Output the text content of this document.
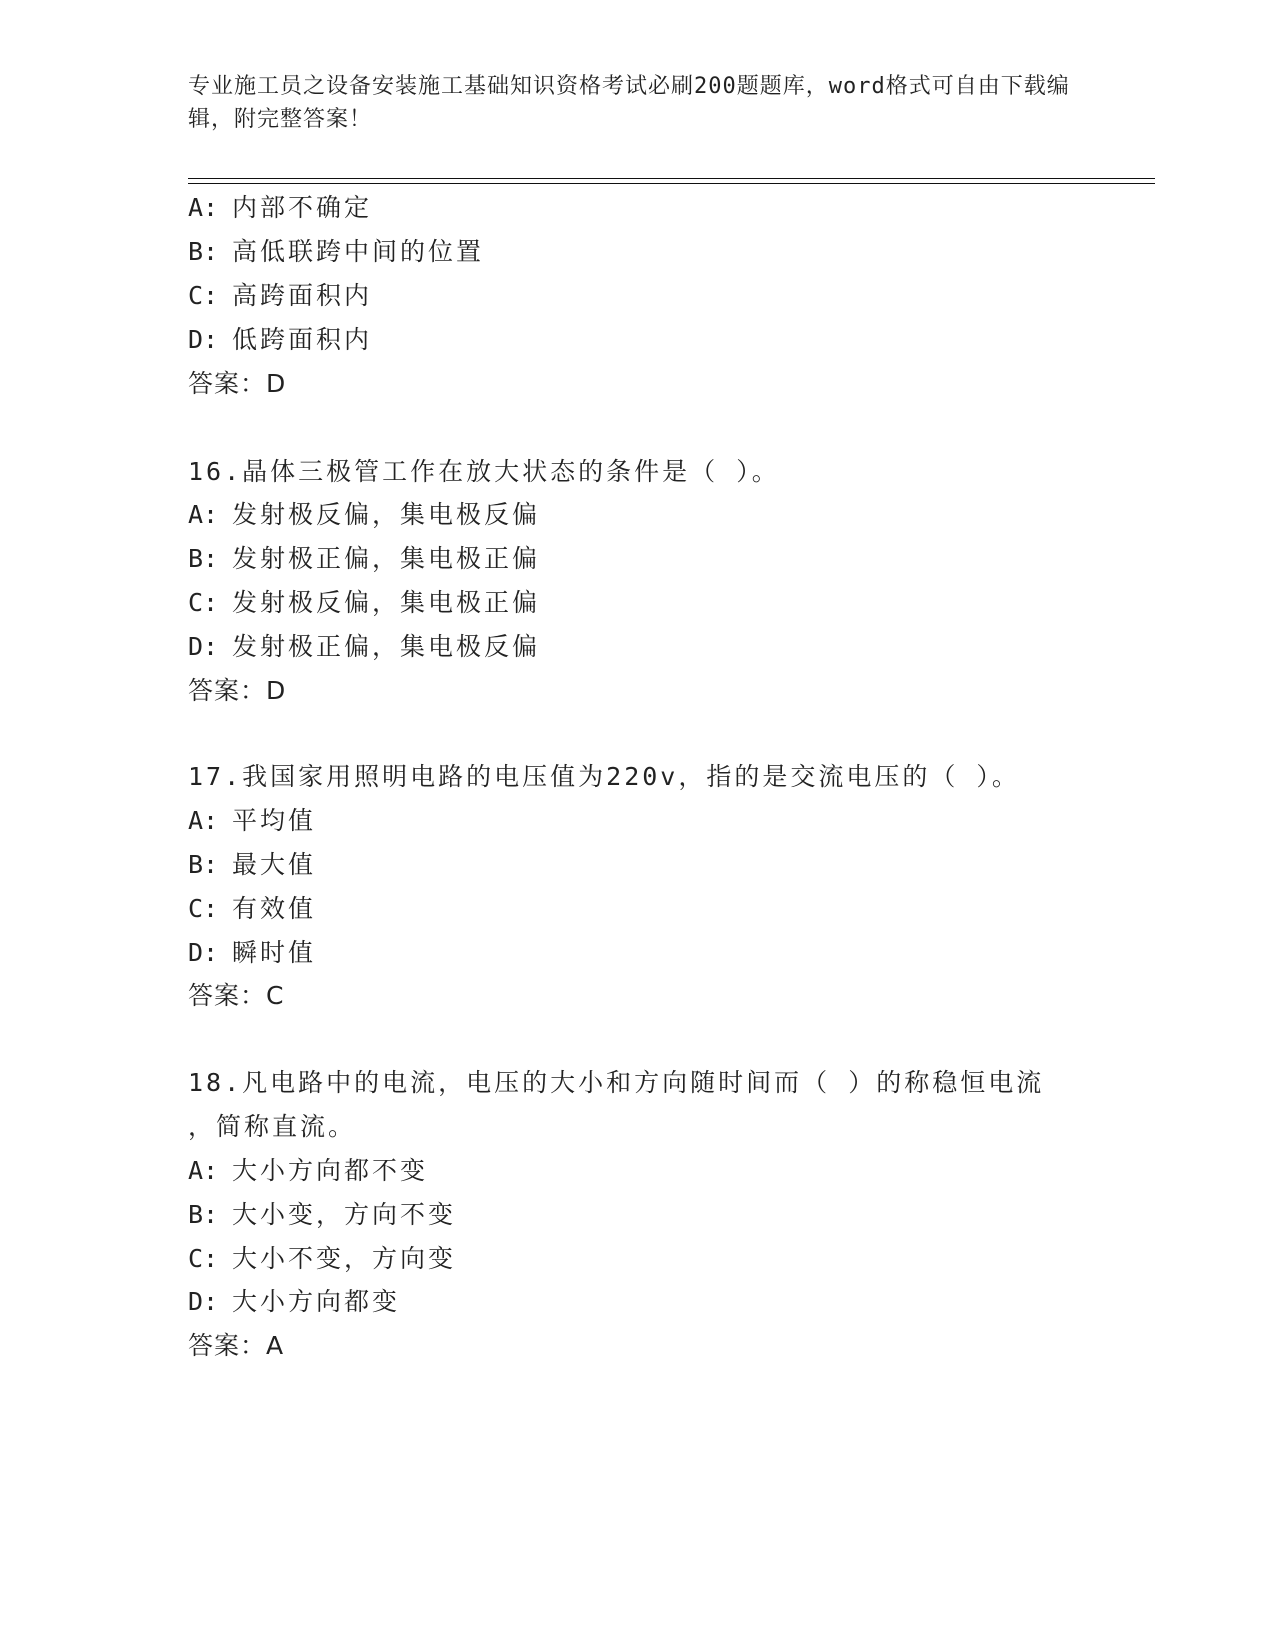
专业施工员之设备安装施工基础知识资格考试必刷200题题库，word格式可自由下载编辑，附完整答案！
A: 内部不确定
B: 高低联跨中间的位置
C: 高跨面积内
D: 低跨面积内
答案：D
16.晶体三极管工作在放大状态的条件是（ ）。
A: 发射极反偏，集电极反偏
B: 发射极正偏，集电极正偏
C: 发射极反偏，集电极正偏
D: 发射极正偏，集电极反偏
答案：D
17.我国家用照明电路的电压值为220v，指的是交流电压的（ ）。
A: 平均值
B: 最大值
C: 有效值
D: 瞬时值
答案：C
18.凡电路中的电流，电压的大小和方向随时间而（ ）的称稳恒电流
，简称直流。
A: 大小方向都不变
B: 大小变，方向不变
C: 大小不变，方向变
D: 大小方向都变
答案：A
